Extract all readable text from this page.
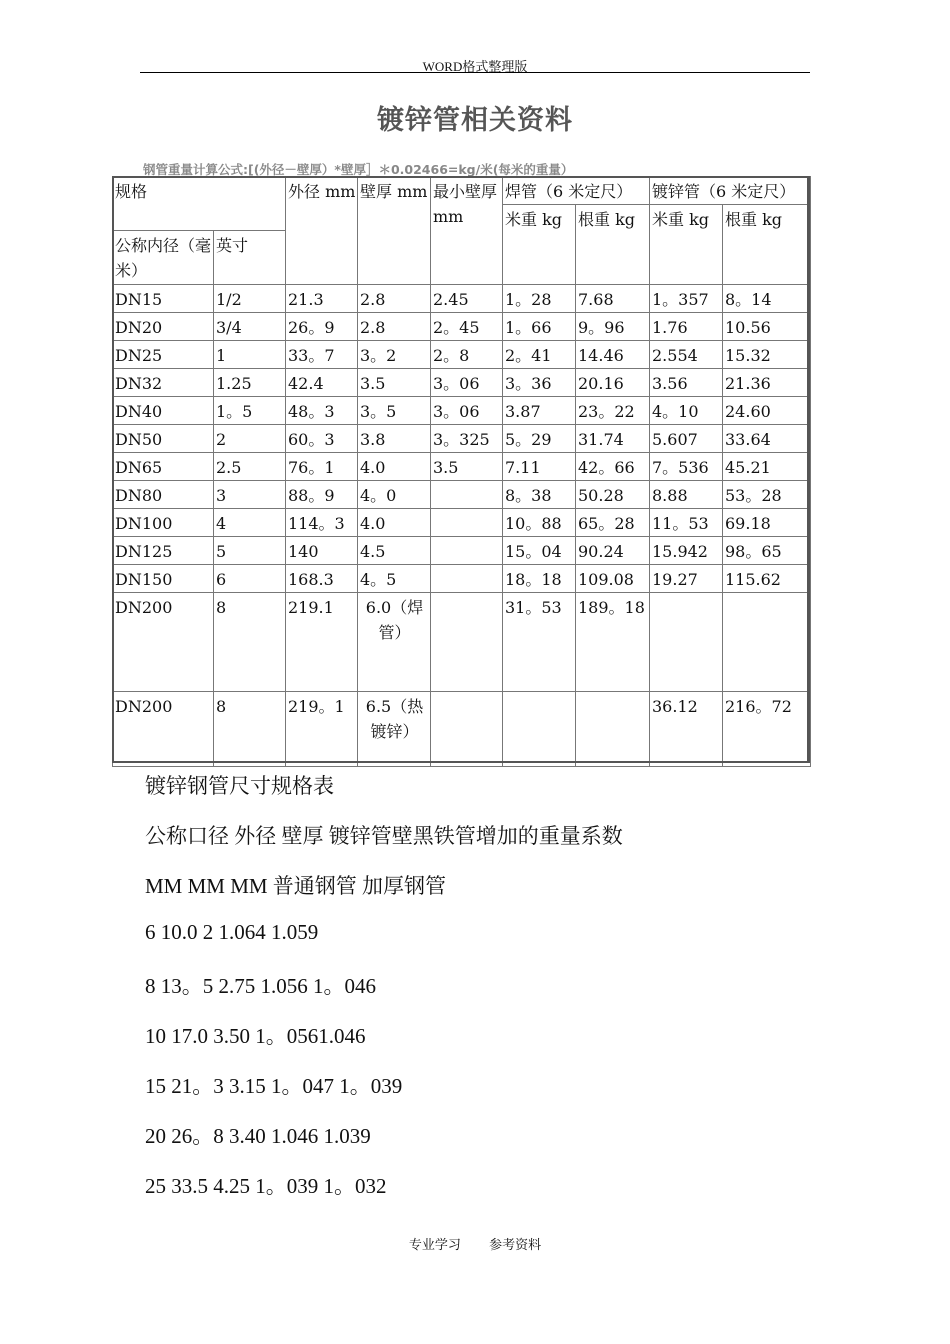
WORD格式整理版
镀锌管相关资料
钢管重量计算公式:[(外径－壁厚）*壁厚］＊0.02466=kg/米(每米的重量）
规格		外径 mm	壁厚 mm	最小壁厚 mm	焊管（6 米定尺）		镀锌管（6 米定尺）	
					米重 kg	根重 kg	米重 kg	根重 kg
公称内径（毫米）	英寸							
DN15	1/2	21.3	2.8	2.45	1。28	7.68	1。357	8。14
DN20	3/4	26。9	2.8	2。45	1。66	9。96	1.76	10.56
DN25	1	33。7	3。2	2。8	2。41	14.46	2.554	15.32
DN32	1.25	42.4	3.5	3。06	3。36	20.16	3.56	21.36
DN40	1。5	48。3	3。5	3。06	3.87	23。22	4。10	24.60
DN50	2	60。3	3.8	3。325	5。29	31.74	5.607	33.64
DN65	2.5	76。1	4.0	3.5	7.11	42。66	7。536	45.21
DN80	3	88。9	4。0		8。38	50.28	8.88	53。28
DN100	4	114。3	4.0		10。88	65。28	11。53	69.18
DN125	5	140	4.5		15。04	90.24	15.942	98。65
DN150	6	168.3	4。5		18。18	109.08	19.27	115.62
DN200	8	219.1	6.0（焊管）		31。53	189。18		
DN200	8	219。1	6.5（热镀锌）				36.12	216。72
镀锌钢管尺寸规格表
公称口径 外径 壁厚 镀锌管壁黑铁管增加的重量系数
MM MM MM 普通钢管 加厚钢管
6 10.0 2 1.064 1.059
8 13。5 2.75 1.056 1。046
10 17.0 3.50 1。0561.046
15 21。3 3.15 1。047 1。039
20 26。8 3.40 1.046 1.039
25 33.5 4.25 1。039 1。032
专业学习 参考资料
